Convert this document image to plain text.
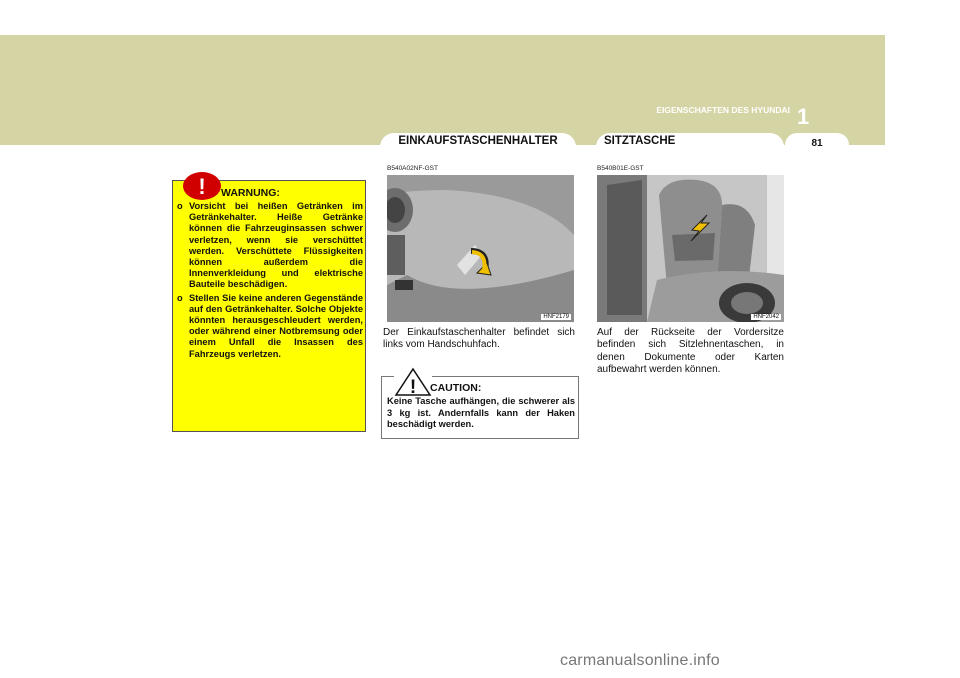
EIGENSCHAFTEN DES HYUNDAI 1
81
EINKAUFSTASCHENHALTER	SITZTASCHE
! WARNUNG:
o Vorsicht bei heißen Getränken im Getränkehalter. Heiße Getränke können die Fahrzeuginsassen schwer verletzen, wenn sie verschüttet werden. Verschüttete Flüssigkeiten können außerdem die Innenverkleidung und elektrische Bauteile beschädigen.
o Stellen Sie keine anderen Gegenstände auf den Getränkehalter. Solche Objekte könnten herausgeschleudert werden, oder während einer Notbremsung oder einem Unfall die Insassen des Fahrzeugs verletzen.
B540A02NF-GST
HNF2179
Der Einkaufstaschenhalter befindet sich links vom Handschuhfach.
! CAUTION:
Keine Tasche aufhängen, die schwerer als 3 kg ist. Andernfalls kann der Haken beschädigt werden.
B540B01E-GST
HNF2042
Auf der Rückseite der Vordersitze befinden sich Sitzlehnentaschen, in denen Dokumente oder Karten aufbewahrt werden können.
carmanualsonline.info
